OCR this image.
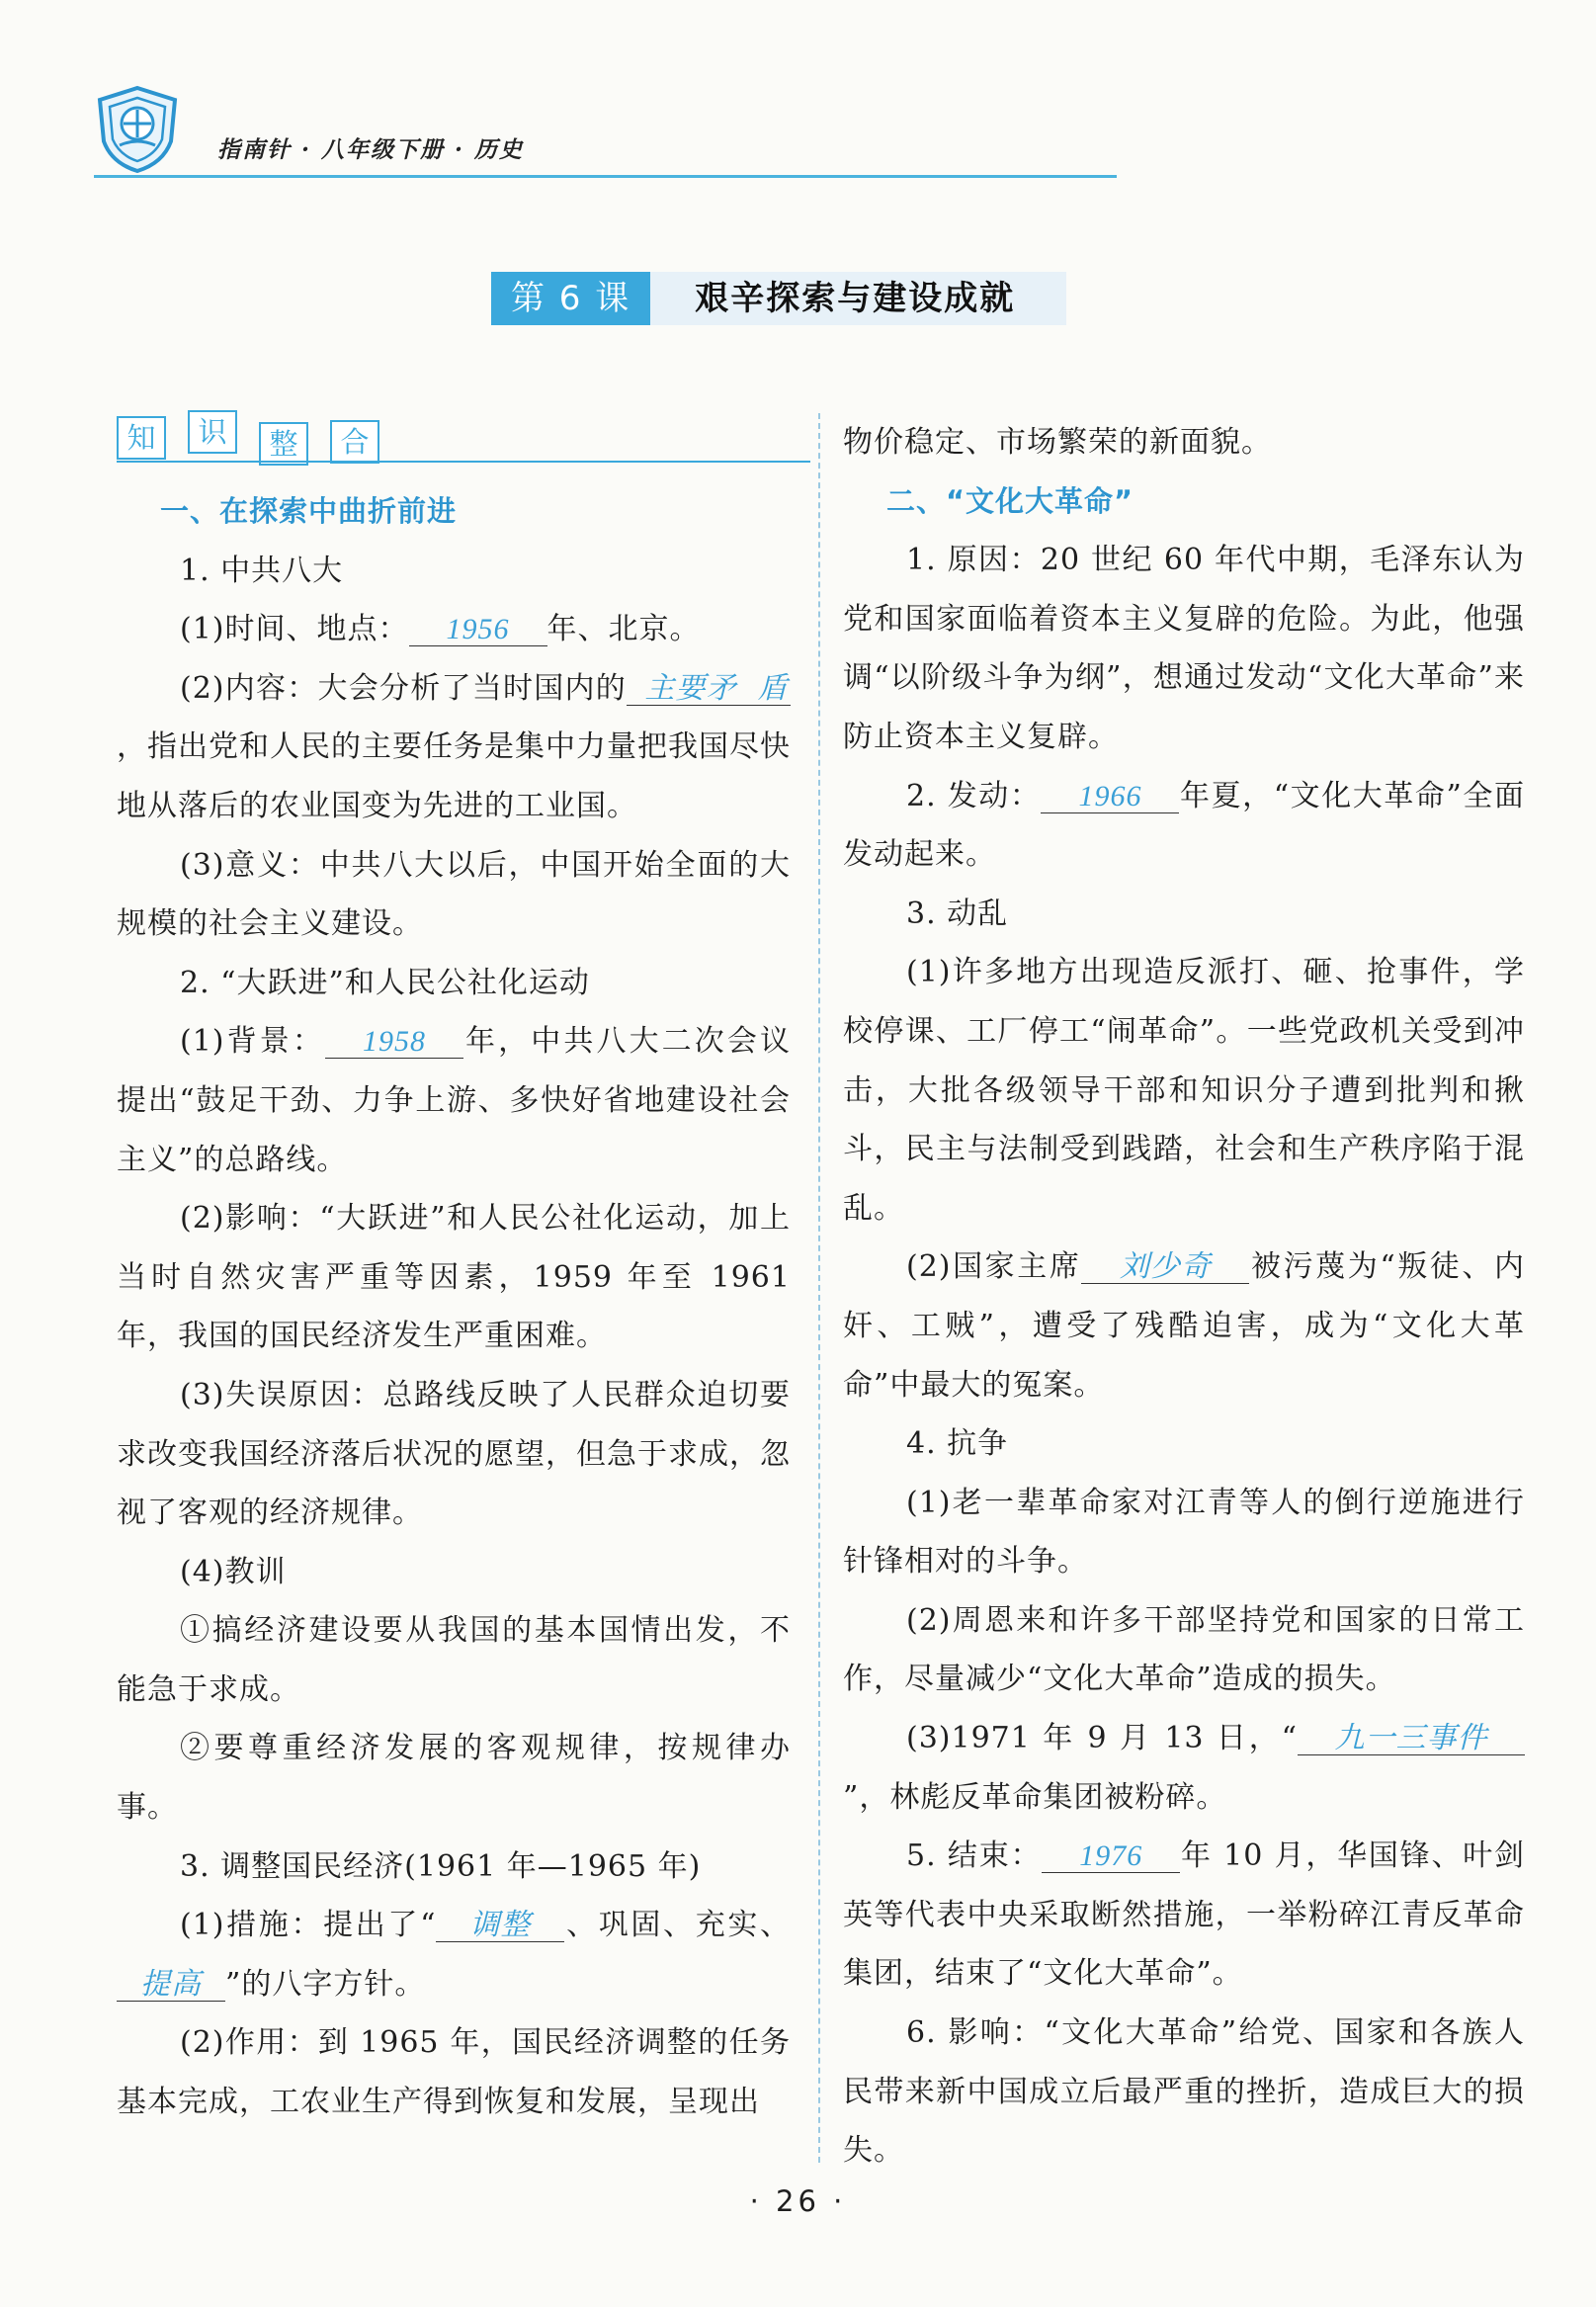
指南针 · 八年级下册 · 历史
第 6 课	艰辛探索与建设成就
知	识	整	合

一、在探索中曲折前进

1. 中共八大

(1)时间、地点： 1956 年、北京。

(2)内容：大会分析了当时国内的 主要矛 盾，指出党和人民的主要任务是集中力量把我国尽快地从落后的农业国变为先进的工业国。

(3)意义：中共八大以后，中国开始全面的大规模的社会主义建设。

2. “大跃进”和人民公社化运动

(1)背景： 1958 年，中共八大二次会议提出“鼓足干劲、力争上游、多快好省地建设社会主义”的总路线。

(2)影响：“大跃进”和人民公社化运动，加上当时自然灾害严重等因素，1959 年至 1961 年，我国的国民经济发生严重困难。

(3)失误原因：总路线反映了人民群众迫切要求改变我国经济落后状况的愿望，但急于求成，忽视了客观的经济规律。

(4)教训

①搞经济建设要从我国的基本国情出发，不能急于求成。

②要尊重经济发展的客观规律，按规律办事。

3. 调整国民经济(1961 年—1965 年)

(1)措施：提出了“ 调整 、巩固、充实、提高 ”的八字方针。

(2)作用：到 1965 年，国民经济调整的任务基本完成，工农业生产得到恢复和发展，呈现出

物价稳定、市场繁荣的新面貌。

二、“文化大革命”

1. 原因：20 世纪 60 年代中期，毛泽东认为党和国家面临着资本主义复辟的危险。为此，他强调“以阶级斗争为纲”，想通过发动“文化大革命”来防止资本主义复辟。

2. 发动： 1966 年夏，“文化大革命”全面发动起来。

3. 动乱

(1)许多地方出现造反派打、砸、抢事件，学校停课、工厂停工“闹革命”。一些党政机关受到冲击，大批各级领导干部和知识分子遭到批判和揪斗，民主与法制受到践踏，社会和生产秩序陷于混乱。

(2)国家主席 刘少奇 被污蔑为“叛徒、内奸、工贼”，遭受了残酷迫害，成为“文化大革命”中最大的冤案。

4. 抗争

(1)老一辈革命家对江青等人的倒行逆施进行针锋相对的斗争。

(2)周恩来和许多干部坚持党和国家的日常工作，尽量减少“文化大革命”造成的损失。

(3)1971 年 9 月 13 日，“ 九一三事件”，林彪反革命集团被粉碎。

5. 结束： 1976 年 10 月，华国锋、叶剑英等代表中央采取断然措施，一举粉碎江青反革命集团，结束了“文化大革命”。

6. 影响：“文化大革命”给党、国家和各族人民带来新中国成立后最严重的挫折，造成巨大的损失。

· 26 ·
